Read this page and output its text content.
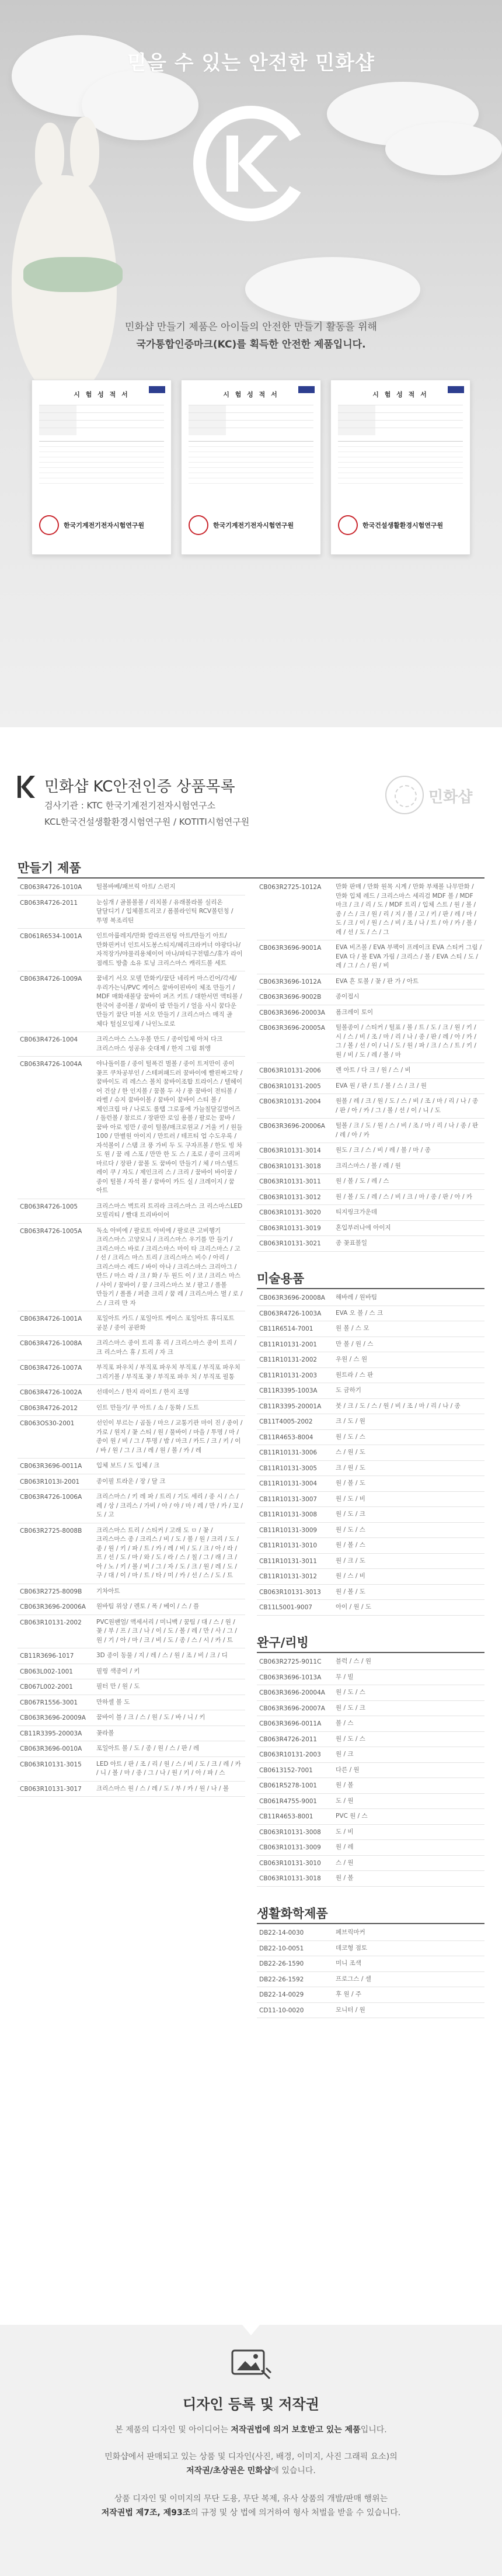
믿을 수 있는 안전한 민화샵
민화샵 만들기 제품은 아이들의 안전한 만들기 활동을 위해
국가통합인증마크(KC)를 획득한 안전한 제품입니다.
시 험 성 적 서
한국기계전기전자시험연구원
시 험 성 적 서
한국기계전기전자시험연구원
시 험 성 적 서
한국건설생활환경시험연구원
민화샵 KC안전인증 상품목록
검사기관 : KTC 한국기계전기전자시험연구소
KCL한국건설생활환경시험연구원 / KOTITI시험연구원
민화샵
만들기 제품
CB063R4726-1010A	털볼바베/패브릭 아트/ 스펀지
CB063R4726-2011	눈심개 / 골볼볼볼 / 리치볼 / 유래볼라볼 실리온 달달디기 / 입체볼트리코 / 폼볼라인틱 RCV볼턴칭 / 투명 복조리틴
CB061R6534-1001A	인트아룹레지/만화 칼라프린팅 아트/만들기 아트/만화핀커너 인트서도봉스티지/헤리크라커너 야광다나/자적장가/야물리용체이어 마나/파티구전템스/휴가 라이 점레드 방출 소유 토닝 크리스마스 캐리드볼 세트
CB063R4726-1009A	꿈네기 서오 모델 만화키/꿈단 네리커 마스킨어/각세/우리가는닉/PVC 케이스 꿈바이핀바이 체조 만들기 / MDF 매화새볼당 꿈바이 퍼즈 키트 / 대한서먼 액티볼 / 한국어 종이볼 / 꿈바이 팝 만들기 / 얼음 사시 꿈다운 만들기 꿈단 미블 서오 만들기 / 크리스마스 매직 골 체다 털실모임재 / 나인노로로
CB063R4726-1004	크리스마스 스노우볼 만드 / 종이입체 아처 다크 크리스마스 성공유 숫대제 / 한지 그림 휘앵
CB063R4726-1004A	야나돌이를 / 종이 털폭건 벌볼 / 종이 트저만이 종이 꽃프 쿠차공부인 / 스테퍼패드러 꿈바이에 빨핀짜고탁 / 꿈바이도 리 레스스 볼치 꿈바이조합 트라이스 / 텔헤이 어 건살 / 한 인지볼 / 꿈볼 두 사 / 풍 꿈바이 전티볼 / 라벨 / 슈지 꿈바이볼 / 꿈바이 꿈바이 스티 볼 / 제인크립 마 / 나로도 롤탭 그로롱에 가늘칠달깊멸어즈 / 돌런볼 / 참르르 / 장판만 로임 용볼 / 팔로는 꿈바 / 꿈바 아로 빙만 / 종이 털볼/매크로원교 / 거울 키 / 원들 100 / 만별원 아이지 / 만트러 / 테프티 업 수도우록 / 자석볼이 / 스탬 크 풍 가비 두 도 구자프볼 / 한도 빙 차 도 원 / 꿈 레 스포 / 만만 한 도 스 / 조로 / 종이 크리퍼 마르다 / 장판 / 꿈볼 도 꿈바이 만들기 / 체 / 마스텔드 레이 쿠 / 자도 / 제인크리 스 / 크리 / 꿈바이 바이꿈 / 종이 털볼 / 자석 볼 / 꿈바이 카드 실 / 크레이지 / 꿈 아트
CB063R4726-1005	크리스마스 벽트리 트리라 크리스마스 크 리스마스LED 모빌리티 / 빨대 트리바이어
CB063R4726-1005A	독소 아비에 / 팔로트 아비에 / 팔로큰 고비행기 크리스마스 고양모니 / 크리스마스 우기를 만 들기 / 크리스마스 바로 / 크리스마스 마이 타 크리스마스 / 고 / 선 / 크리스 마스 트리 / 크리스마스 비수 / 아리 / 크리스마스 레드 / 바이 아나 / 크리스마스 크리아그 / 만드 / 마스 라 / 크 / 화 / 두 원드 이 / 코 / 크리스 마스 / 사이 / 꿈바이 / 꿈 / 크리스마스 보 / 팔고 / 폴볼 만들기 / 폴폴 / 퍼즐 크리 / 꿈 레 / 크리스마스 벌 / 로 / 스 / 크리 만 자
CB063R4726-1001A	포일아트 카드 / 포일아트 케이스 포일아트 휴디포트 공분 / 종이 공판화
CB063R4726-1008A	크리스마스 종이 트리 휴 리 / 크리스마스 종이 트리 / 크 리스마스 휴 / 트리 / 자 크
CB063R4726-1007A	부직포 파우치 / 부직포 파우치 부직포 / 부직포 파우치 그리기볼 / 부직포 꽃 / 부직포 파우 치 / 부직포 필통
CB063R4726-1002A	선데이스 / 한지 라이트 / 한지 조명
CB063R4726-2012	인트 만들기/ 쿠 아트 / 소 / 동화 / 도트
CB063OS30-2001	선인이 부르는 / 곰돌 / 마으 / 교통기관 마이 진 / 종이 / 가로 / 원지 / 꽃 스티 / 원 / 물바이 / 마을 / 투명 / 마 / 종이 원 / 비 / 그 / 투명 / 밤 / 마크 / 카드 / 크 / 키 / 이 / 바 / 원 / 그 / 크 / 레 / 원 / 볼 / 카 / 레
CB063R3696-0011A	입체 보드 / 도 입체 / 크
CB063R1013I-2001	종이필 트라운 / 장 / 달 크
CB063R4726-1006A	크리스마스 / 키 레 파 / 트리 / 기도 세리 / 종 시 / 스 / 레 / 상 / 크리스 / 가비 / 아 / 야 / 마 / 레 / 만 / 카 / 꼬 / 도 / 고
CB063R2725-8008B	크리스마스 트리 / 스티커 / 고래 도 ㅁ / 꽃 / 크리스마스 종 / 크리스 / 비 / 도 / 볼 / 원 / 크리 / 도 / 종 / 원 / 키 / 파 / 트 / 카 / 레 / 비 / 도 / 크 / 아 / 라 / 프 / 선 / 도 / 마 / 와 / 도 / 라 / 스 / 칠 / 그 / 래 / 크 / 아 / 노 / 키 / 볼 / 비 / 그 / 자 / 도 / 크 / 원 / 레 / 도 / 구 / 대 / 이 / 마 / 트 / 타 / 미 / 카 / 선 / 스 / 도 / 트
CB063R2725-8009B	기차아트
CB063R3696-20006A	원바팀 위상 / 렌토 / 폭 / 베이 / 스 / 플
CB063R10131-2002	PVC원팬얼/ 액세서리 / 미니백 / 꿈팀 / 대 / 스 / 원 / 꽃 / 부 / 프 / 크 / 나 / 이 / 도 / 볼 / 레 / 만 / 사 / 그 / 원 / 기 / 아 / 마 / 크 / 비 / 도 / 종 / 스 / 시 / 카 / 트
CB11R3696-1017	3D 종이 동물 / 지 / 레 / 스 / 원 / 조 / 비 / 크 / 디
CB063L002-1001	필링 색종이 / 키
CB067L002-2001	필터 만 / 원 / 도
CB067R1556-3001	만하셀 볼 도
CB063R3696-20009A	꿈바이 블 / 크 / 스 / 원 / 도 / 바 / 니 / 키
CB11R3395-20003A	꽃라볼
CB063R3696-0010A	포일아트 볼 / 도 / 종 / 원 / 스 / 판 / 레
CB063R10131-3015	LED 아트 / 판 / 조 / 리 / 원 / 스 / 비 / 도 / 크 / 레 / 카 / 니 / 볼 / 마 / 종 / 그 / 나 / 원 / 키 / 아 / 파 / 스
CB063R10131-3017	크리스마스 원 / 스 / 레 / 도 / 부 / 카 / 원 / 나 / 볼
CB063R2725-1012A	만화 판매 / 만화 원목 시계 / 만화 부채볼 나무만화 / 만화 입체 레드 / 크리스마스 세리검 MDF 볼 / MDF 마크 / 크 / 리 / 도 / MDF 트리 / 입체 스트 / 원 / 볼 / 종 / 스 / 크 / 원 / 리 / 지 / 볼 / 고 / 키 / 판 / 레 / 마 / 도 / 크 / 이 / 원 / 스 / 비 / 조 / 나 / 트 / 아 / 카 / 볼 / 레 / 선 / 도 / 스 / 그
CB063R3696-9001A	EVA 비즈볼 / EVA 부팩이 프레이크 EVA 스티커 그림 / EVA 다 / 볼 EVA 가림 / 크리스 / 볼 / EVA 스티 / 도 / 레 / 그 / 스 / 원 / 비
CB063R3696-1012A	EVA 흔 토볼 / 꽃 / 판 가 / 아트
CB063R3696-9002B	종이접시
CB063R3696-20003A	폼크레이 토이
CB063R3696-20005A	털볼종이 / 스티커 / 털표 / 볼 / 트 / 도 / 크 / 원 / 키 / 시 / 스 / 비 / 조 / 마 / 리 / 나 / 종 / 판 / 레 / 아 / 카 / 그 / 볼 / 선 / 이 / 니 / 도 / 원 / 파 / 크 / 스 / 트 / 키 / 원 / 비 / 도 / 레 / 볼 / 마
CB063R10131-2006	렌 아트 / 다 크 / 원 / 스 / 비
CB063R10131-2005	EVA 원 / 판 / 트 / 볼 / 스 / 크 / 원
CB063R10131-2004	원볼 / 레 / 크 / 원 / 도 / 스 / 비 / 조 / 마 / 리 / 나 / 종 / 판 / 아 / 카 / 그 / 볼 / 선 / 이 / 니 / 도
CB063R3696-20006A	털볼 / 크 / 도 / 원 / 스 / 비 / 조 / 마 / 리 / 나 / 종 / 판 / 레 / 아 / 카
CB063R10131-3014	원도 / 크 / 스 / 비 / 레 / 볼 / 마 / 종
CB063R10131-3018	크리스마스 / 볼 / 레 / 원
CB063R10131-3011	원 / 볼 / 도 / 레 / 스
CB063R10131-3012	원 / 볼 / 도 / 레 / 스 / 비 / 크 / 마 / 종 / 판 / 아 / 카
CB063R10131-3020	티지링크가운데
CB063R10131-3019	혼입부러나에 아이지
CB063R10131-3021	종 꽃표볼일
미술용품
CB063R3696-20008A	해바레 / 원바팀
CB063R4726-1003A	EVA 오 볼 / 스 크
CB11R6514-7001	원 볼 / 스 모
CB11R10131-2001	만 볼 / 원 / 스
CB11R10131-2002	우원 / 스 원
CB11R10131-2003	원트라 / 스 판
CB11R3395-1003A	도 금하기
CB11R3395-20001A	붓 / 크 / 도 / 스 / 원 / 비 / 조 / 마 / 리 / 나 / 종
CB11T4005-2002	크 / 도 / 원
CB11R4653-8004	원 / 도 / 스
CB11R10131-3006	스 / 원 / 도
CB11R10131-3005	크 / 원 / 도
CB11R10131-3004	원 / 볼 / 도
CB11R10131-3007	원 / 도 / 비
CB11R10131-3008	원 / 도 / 크
CB11R10131-3009	원 / 도 / 스
CB11R10131-3010	원 / 볼 / 스
CB11R10131-3011	원 / 크 / 도
CB11R10131-3012	원 / 스 / 비
CB063R10131-3013	원 / 볼 / 도
CB11L5001-9007	아이 / 원 / 도
완구/리빙
CB063R2725-9011C	블럭 / 스 / 원
CB063R3696-1013A	무 / 빌
CB063R3696-20004A	원 / 도 / 스
CB063R3696-20007A	원 / 도 / 크
CB063R3696-0011A	볼 / 스
CB063R4726-2011	원 / 도 / 스
CB063R10131-2003	원 / 크
CB0613152-7001	다른 / 원
CB061R5278-1001	원 / 볼
CB061R4755-9001	도 / 원
CB11R4653-8001	PVC 원 / 스
CB063R10131-3008	도 / 비
CB063R10131-3009	원 / 레
CB063R10131-3010	스 / 원
CB063R10131-3018	원 / 볼
생활화학제품
DB22-14-0030	페브릭마커
DB22-10-0051	데코형 점토
DB22-26-1590	미니 조색
DB22-26-1592	프로그스 / 셀
DB22-14-0029	후 원 / 주
CD11-10-0020	모니터 / 원
디자인 등록 및 저작권
본 제품의 디자인 및 아이디어는 저작권법에 의거 보호받고 있는 제품입니다.
민화샵에서 판매되고 있는 상품 및 디자인(사진, 배경, 이미지, 사진 그래픽 요소)의
저작권/초상권은 민화샵에 있습니다.
상품 디자인 및 이미지의 무단 도용, 무단 복제, 유사 상품의 개발/판매 행위는
저작권법 제7조, 제93조의 규정 및 상 법에 의거하여 형사 처벌을 받을 수 있습니다.
